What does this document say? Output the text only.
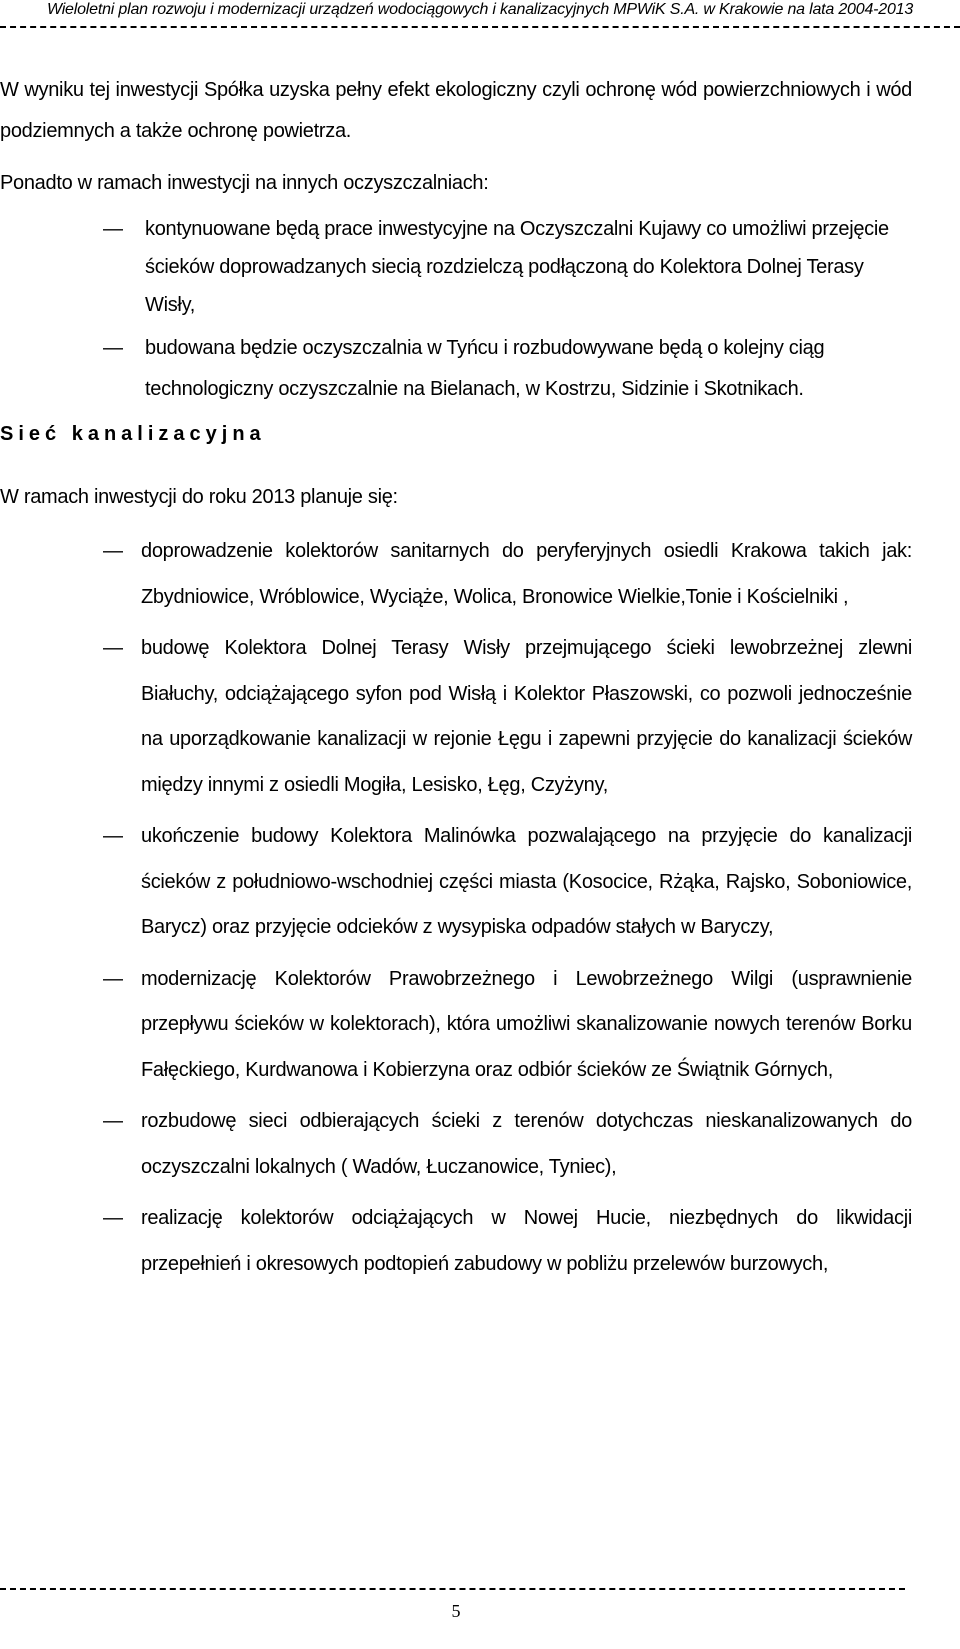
Wieloletni plan rozwoju i modernizacji urządzeń wodociągowych i kanalizacyjnych MPWiK S.A. w Krakowie na lata 2004-2013
W wyniku tej inwestycji Spółka uzyska pełny efekt ekologiczny czyli ochronę wód powierzchniowych i wód podziemnych a także ochronę powietrza.
Ponadto w ramach inwestycji na innych oczyszczalniach:
— kontynuowane będą prace inwestycyjne na Oczyszczalni Kujawy co umożliwi przejęcie ścieków doprowadzanych siecią rozdzielczą podłączoną do Kolektora Dolnej Terasy Wisły,
— budowana będzie oczyszczalnia w Tyńcu i rozbudowywane będą o kolejny ciąg technologiczny oczyszczalnie na Bielanach, w Kostrzu, Sidzinie i Skotnikach.
Sieć kanalizacyjna
W ramach inwestycji do roku 2013 planuje się:
— doprowadzenie kolektorów sanitarnych do peryferyjnych osiedli Krakowa takich jak: Zbydniowice, Wróblowice, Wyciąże, Wolica, Bronowice Wielkie,Tonie i Kościelniki ,
— budowę Kolektora Dolnej Terasy Wisły przejmującego ścieki lewobrzeżnej zlewni Białuchy, odciążającego syfon pod Wisłą i Kolektor Płaszowski, co pozwoli jednocześnie na uporządkowanie kanalizacji w rejonie Łęgu i zapewni przyjęcie do kanalizacji ścieków między innymi z osiedli Mogiła, Lesisko, Łęg, Czyżyny,
— ukończenie budowy Kolektora Malinówka pozwalającego na przyjęcie do kanalizacji ścieków z południowo-wschodniej części miasta (Kosocice, Rżąka, Rajsko, Soboniowice, Barycz) oraz przyjęcie odcieków z wysypiska odpadów stałych w Baryczy,
— modernizację Kolektorów Prawobrzeżnego i Lewobrzeżnego Wilgi (usprawnienie przepływu ścieków w kolektorach), która umożliwi skanalizowanie nowych terenów Borku Fałęckiego, Kurdwanowa i Kobierzyna oraz odbiór ścieków ze Świątnik Górnych,
— rozbudowę sieci odbierających ścieki z terenów dotychczas nieskanalizowanych do oczyszczalni lokalnych ( Wadów, Łuczanowice, Tyniec),
— realizację kolektorów odciążających w Nowej Hucie, niezbędnych do likwidacji przepełnień i okresowych podtopień zabudowy w pobliżu przelewów burzowych,
5
